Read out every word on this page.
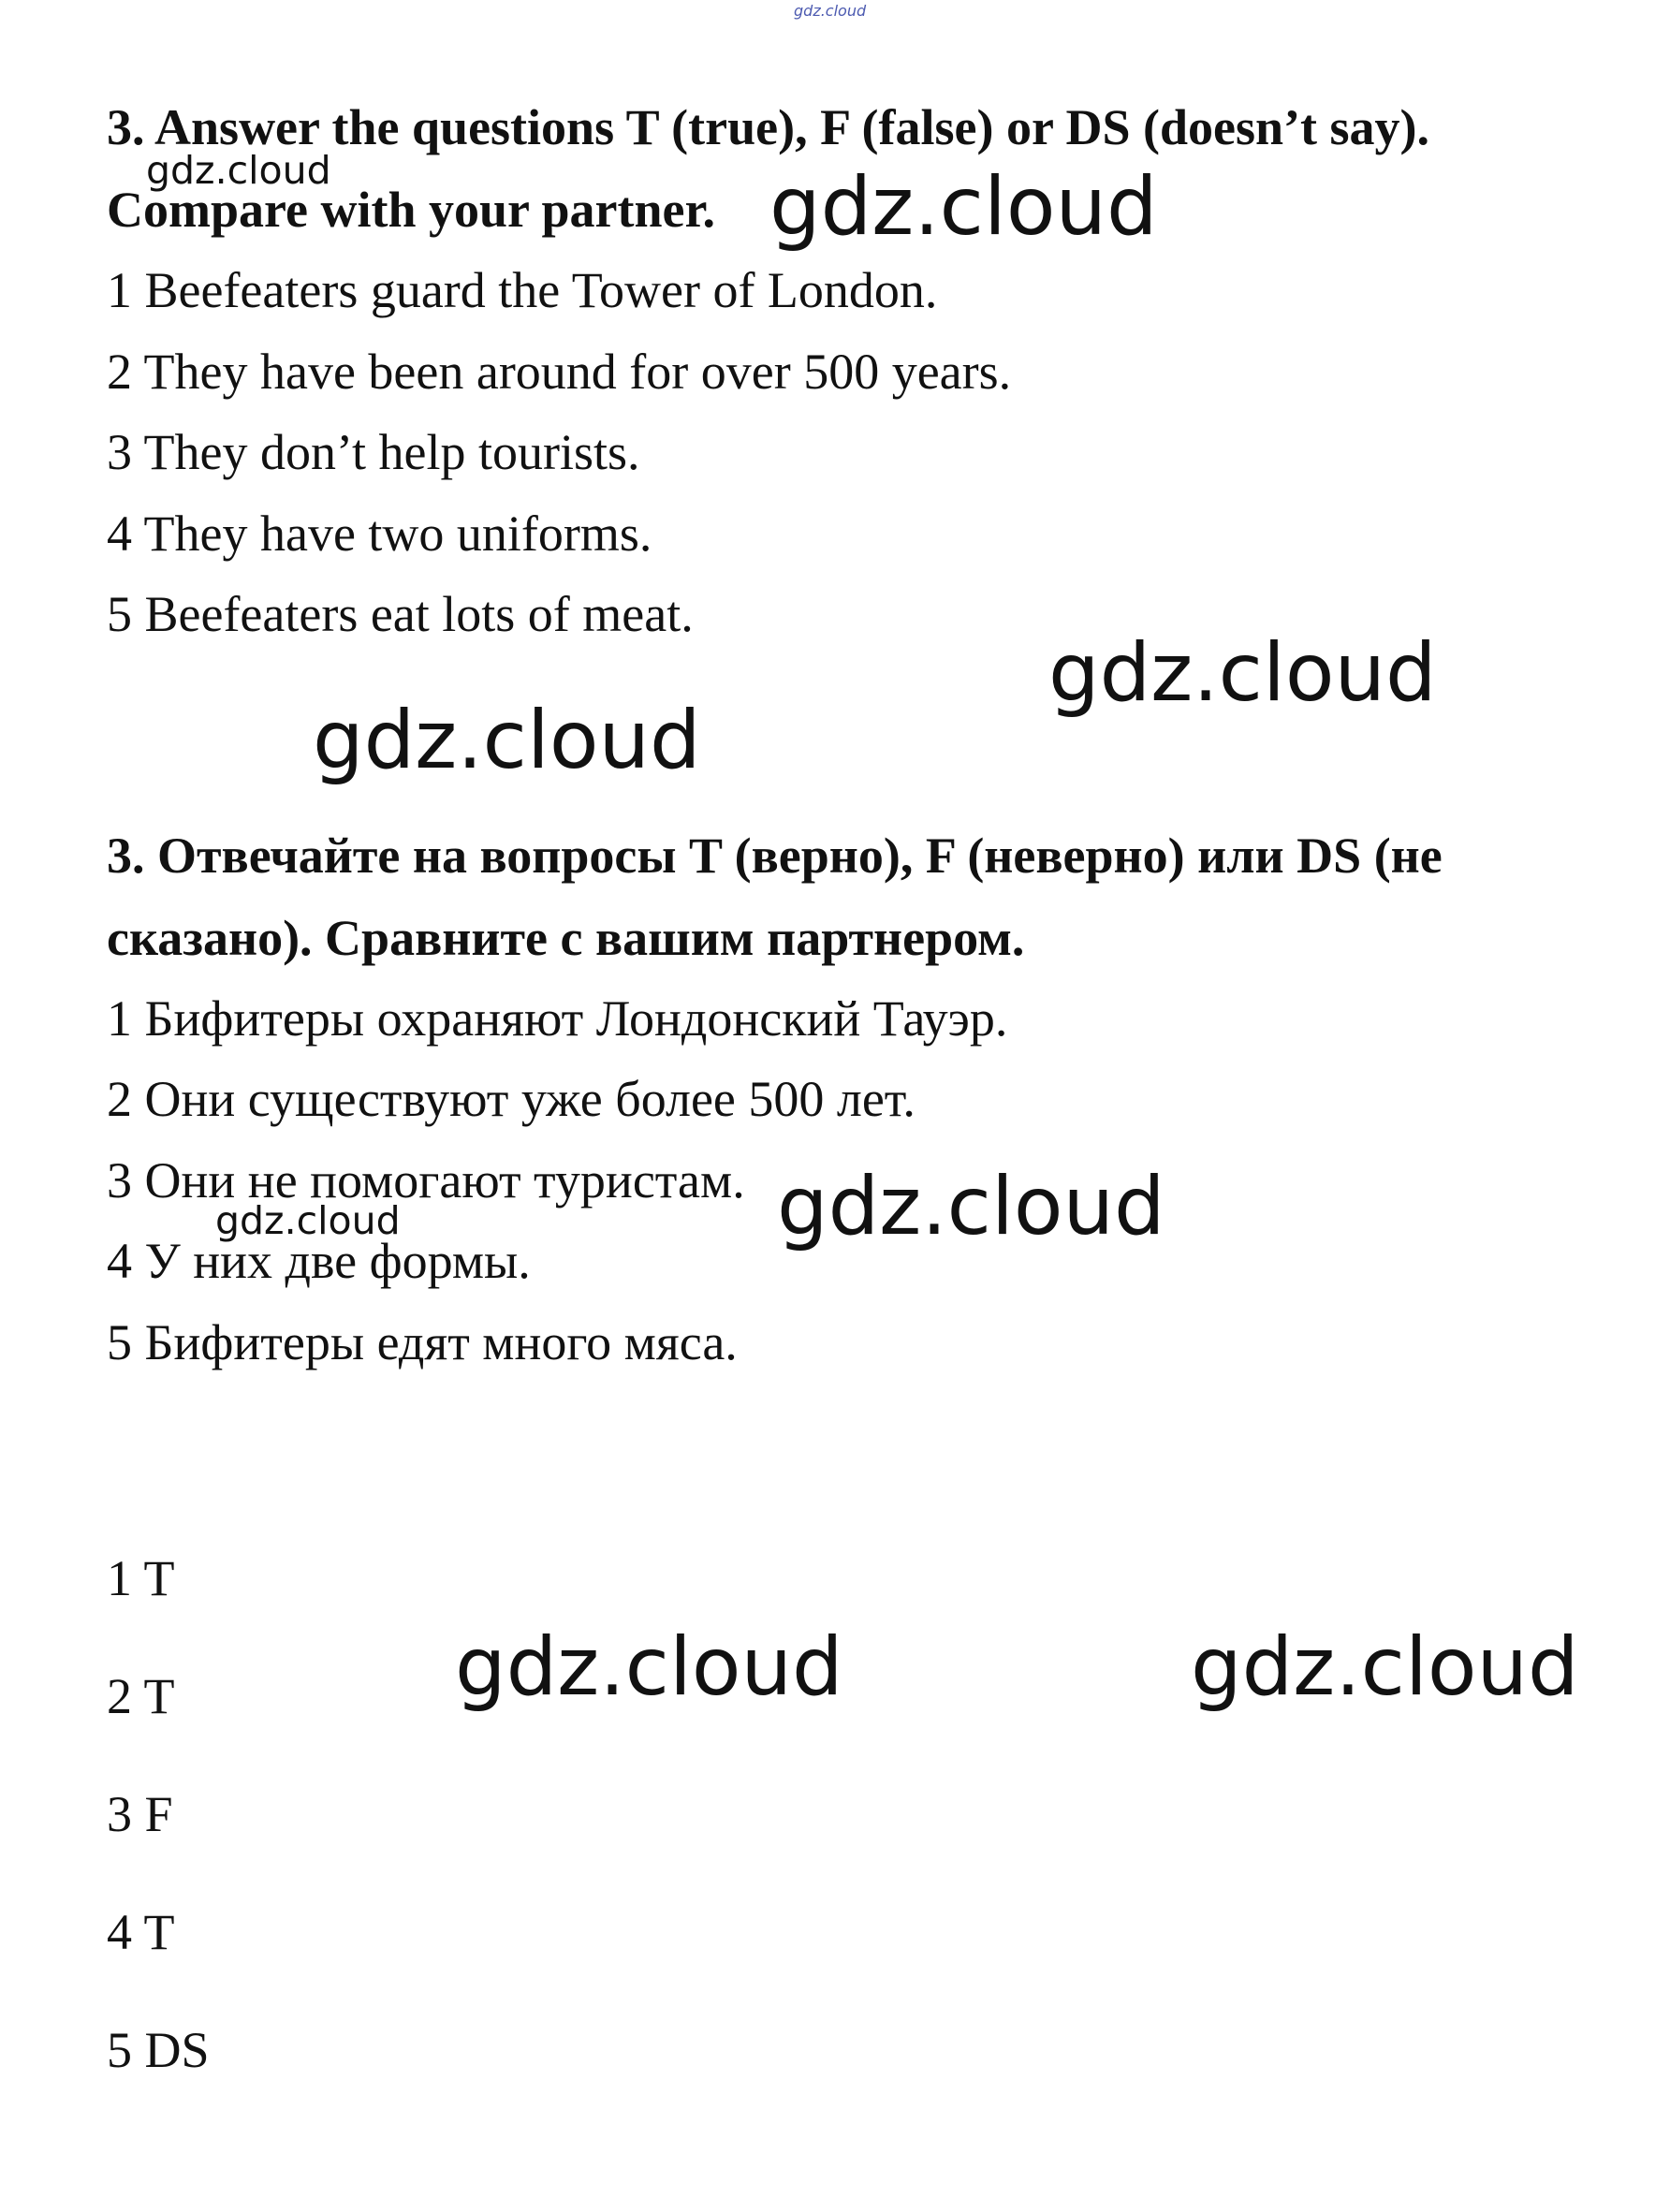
gdz.cloud
3. Answer the questions T (true), F (false) or DS (doesn’t say).
Compare with your partner.
1 Beefeaters guard the Tower of London.
2 They have been around for over 500 years.
3 They don’t help tourists.
4 They have two uniforms.
5 Beefeaters eat lots of meat.
3. Отвечайте на вопросы T (верно), F (неверно) или DS (не
сказано). Сравните с вашим партнером.
1 Бифитеры охраняют Лондонский Тауэр.
2 Они существуют уже более 500 лет.
3 Они не помогают туристам.
4 У них две формы.
5 Бифитеры едят много мяса.
1 T
2 T
3 F
4 T
5 DS
gdz.cloud	gdz.cloud
gdz.cloud
gdz.cloud
gdz.cloud
gdz.cloud
gdz.cloud	gdz.cloud
